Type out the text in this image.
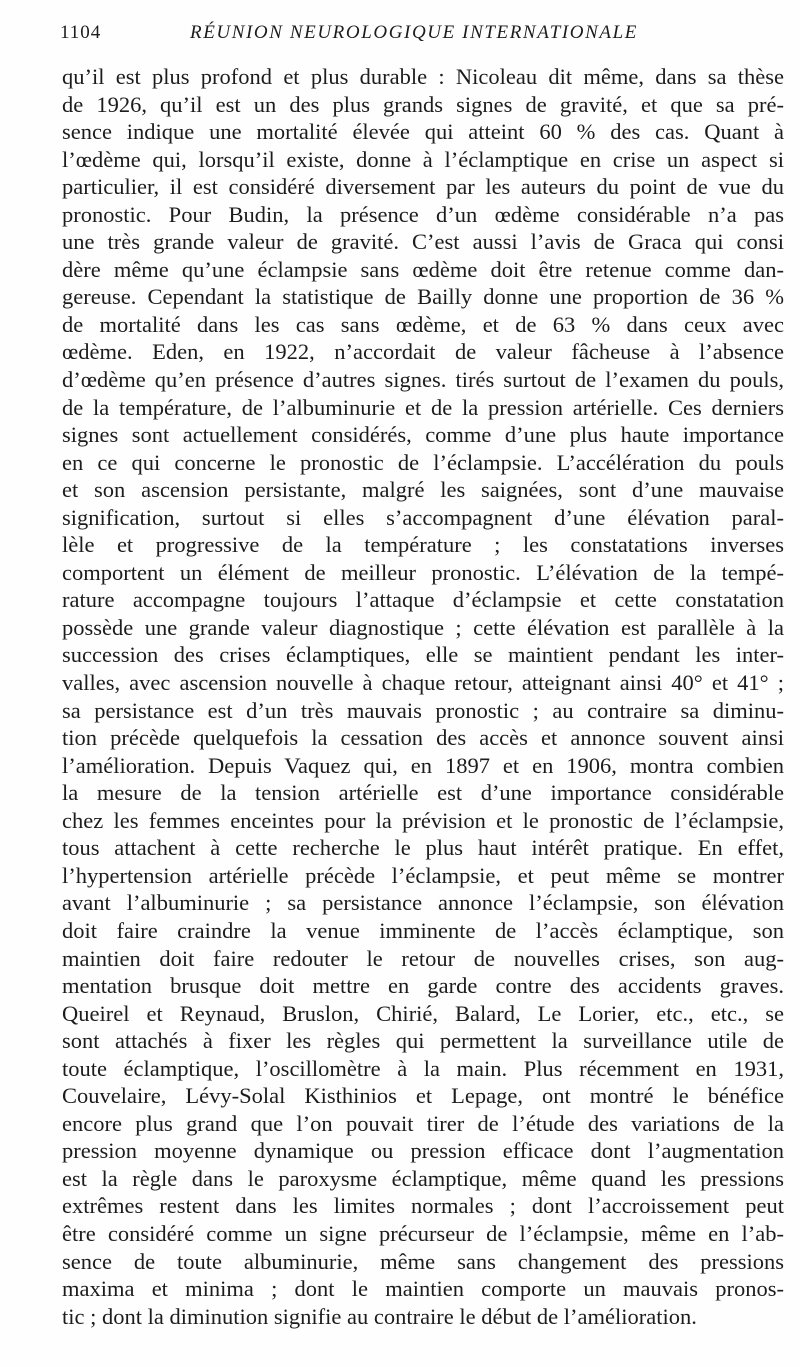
1104	RÉUNION NEUROLOGIQUE INTERNATIONALE
qu’il est plus profond et plus durable : Nicoleau dit même, dans sa thèse
de 1926, qu’il est un des plus grands signes de gravité, et que sa pré-
sence indique une mortalité élevée qui atteint 60 % des cas. Quant à
l’œdème qui, lorsqu’il existe, donne à l’éclamptique en crise un aspect si
particulier, il est considéré diversement par les auteurs du point de vue du
pronostic. Pour Budin, la présence d’un œdème considérable n’a pas
une très grande valeur de gravité. C’est aussi l’avis de Graca qui consi
dère même qu’une éclampsie sans œdème doit être retenue comme dan-
gereuse. Cependant la statistique de Bailly donne une proportion de 36 %
de mortalité dans les cas sans œdème, et de 63 % dans ceux avec
œdème. Eden, en 1922, n’accordait de valeur fâcheuse à l’absence
d’œdème qu’en présence d’autres signes. tirés surtout de l’examen du pouls,
de la température, de l’albuminurie et de la pression artérielle. Ces derniers
signes sont actuellement considérés, comme d’une plus haute importance
en ce qui concerne le pronostic de l’éclampsie. L’accélération du pouls
et son ascension persistante, malgré les saignées, sont d’une mauvaise
signification, surtout si elles s’accompagnent d’une élévation paral-
lèle et progressive de la température ; les constatations inverses
comportent un élément de meilleur pronostic. L’élévation de la tempé-
rature accompagne toujours l’attaque d’éclampsie et cette constatation
possède une grande valeur diagnostique ; cette élévation est parallèle à la
succession des crises éclamptiques, elle se maintient pendant les inter-
valles, avec ascension nouvelle à chaque retour, atteignant ainsi 40° et 41° ;
sa persistance est d’un très mauvais pronostic ; au contraire sa diminu-
tion précède quelquefois la cessation des accès et annonce souvent ainsi
l’amélioration. Depuis Vaquez qui, en 1897 et en 1906, montra combien
la mesure de la tension artérielle est d’une importance considérable
chez les femmes enceintes pour la prévision et le pronostic de l’éclampsie,
tous attachent à cette recherche le plus haut intérêt pratique. En effet,
l’hypertension artérielle précède l’éclampsie, et peut même se montrer
avant l’albuminurie ; sa persistance annonce l’éclampsie, son élévation
doit faire craindre la venue imminente de l’accès éclamptique, son
maintien doit faire redouter le retour de nouvelles crises, son aug-
mentation brusque doit mettre en garde contre des accidents graves.
Queirel et Reynaud, Bruslon, Chirié, Balard, Le Lorier, etc., etc., se
sont attachés à fixer les règles qui permettent la surveillance utile de
toute éclamptique, l’oscillomètre à la main. Plus récemment en 1931,
Couvelaire, Lévy-Solal Kisthinios et Lepage, ont montré le bénéfice
encore plus grand que l’on pouvait tirer de l’étude des variations de la
pression moyenne dynamique ou pression efficace dont l’augmentation
est la règle dans le paroxysme éclamptique, même quand les pressions
extrêmes restent dans les limites normales ; dont l’accroissement peut
être considéré comme un signe précurseur de l’éclampsie, même en l’ab-
sence de toute albuminurie, même sans changement des pressions
maxima et minima ; dont le maintien comporte un mauvais pronos-
tic ; dont la diminution signifie au contraire le début de l’amélioration.
